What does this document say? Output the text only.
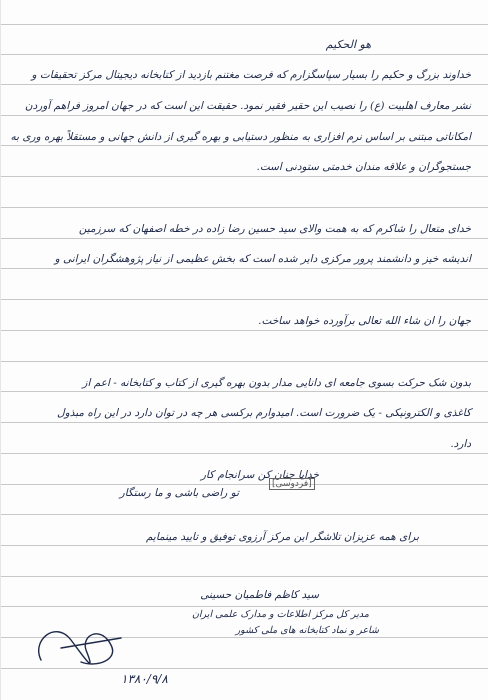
هو الحکیم
خداوند بزرگ و حکیم را بسیار سپاسگزارم که فرصت مغتنم بازدید از کتابخانه دیجیتال مرکز تحقیقات و
نشر معارف اهلبیت (ع) را نصیب این حقیر فقیر نمود. حقیقت این است که در جهان امروز فراهم آوردن
امکاناتی مبتنی بر اساس نرم افزاری به منظور دستیابی و بهره گیری از دانش جهانی و مستقلاً بهره وری به
جستجوگران و علاقه مندان خدمتی ستودنی است.
خدای متعال را شاکرم که به همت والای سید حسین رضا زاده در خطه اصفهان که سرزمین
اندیشه خیز و دانشمند پرور مرکزی دایر شده است که بخش عظیمی از نیاز پژوهشگران ایرانی و
جهان را ان شاء الله تعالی برآورده خواهد ساخت.
بدون شک حرکت بسوی جامعه ای دانایی مدار بدون بهره گیری از کتاب و کتابخانه - اعم از
کاغذی و الکترونیکی - یک ضرورت است. امیدوارم برکسی هر چه در توان دارد در این راه مبذول
دارد.
خدایا چنان کن سرانجام کار
تو راضی باشی و ما رستگار
[فردوسی]
برای همه عزیزان تلاشگر این مرکز آرزوی توفیق و تایید مینمایم
سید کاظم فاطمیان حسینی
مدیر کل مرکز اطلاعات و مدارک علمی ایران
شاعر و نماد کتابخانه های ملی کشور
۱۳۸۰/۹/۸
